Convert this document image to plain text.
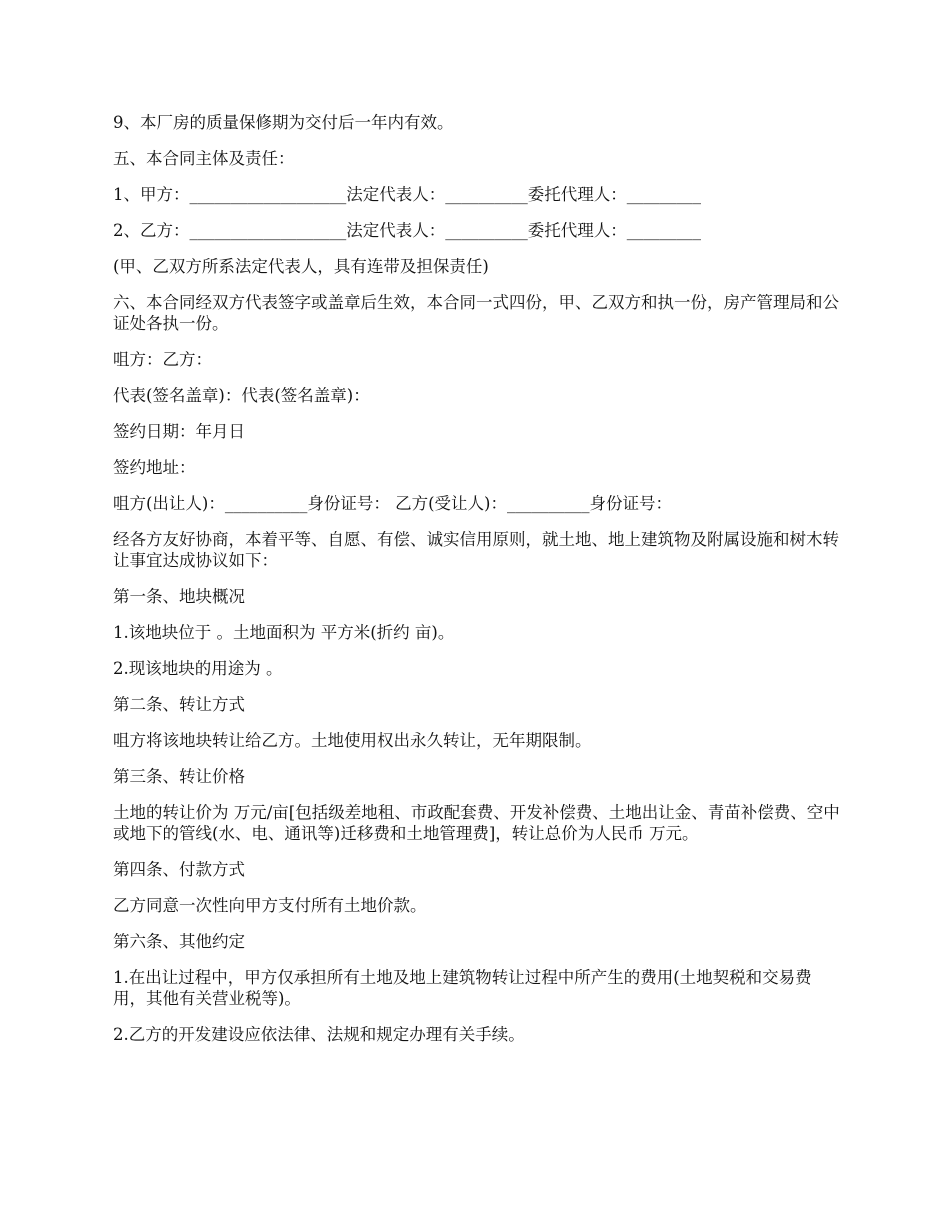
9、本厂房的质量保修期为交付后一年内有效。

五、本合同主体及责任：

1、甲方：___________________法定代表人：__________委托代理人：_________

2、乙方：___________________法定代表人：__________委托代理人：_________

(甲、乙双方所系法定代表人，具有连带及担保责任)

六、本合同经双方代表签字或盖章后生效，本合同一式四份，甲、乙双方和执一份，房产管理局和公证处各执一份。

咀方：乙方：

代表(签名盖章)：代表(签名盖章)：

签约日期：年月日

签约地址：

咀方(出让人)：__________身份证号： 乙方(受让人)：__________身份证号：

经各方友好协商，本着平等、自愿、有偿、诚实信用原则，就土地、地上建筑物及附属设施和树木转让事宜达成协议如下：

第一条、地块概况

1.该地块位于 。土地面积为 平方米(折约 亩)。

2.现该地块的用途为 。

第二条、转让方式

咀方将该地块转让给乙方。土地使用权出永久转让，无年期限制。

第三条、转让价格

土地的转让价为 万元/亩[包括级差地租、市政配套费、开发补偿费、土地出让金、青苗补偿费、空中或地下的管线(水、电、通讯等)迁移费和土地管理费]，转让总价为人民币 万元。

第四条、付款方式

乙方同意一次性向甲方支付所有土地价款。

第六条、其他约定

1.在出让过程中，甲方仅承担所有土地及地上建筑物转让过程中所产生的费用(土地契税和交易费用，其他有关营业税等)。

2.乙方的开发建设应依法律、法规和规定办理有关手续。
